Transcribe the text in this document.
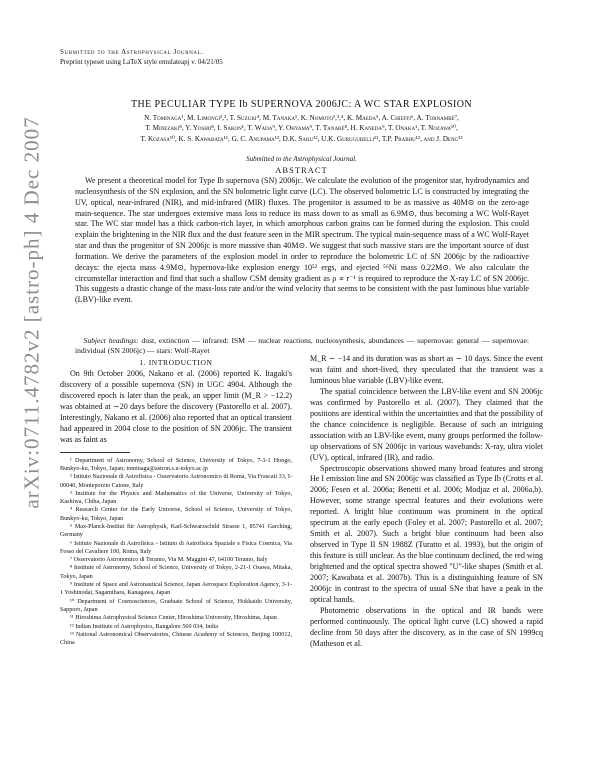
arXiv:0711.4782v2 [astro-ph] 4 Dec 2007
Submitted to the Astrophysical Journal.
Preprint typeset using LaTeX style emulateapj v. 04/21/05
THE PECULIAR TYPE Ib SUPERNOVA 2006JC: A WC STAR EXPLOSION
N. Tominaga¹, M. Limongi²,³, T. Suzuki⁴, M. Tanaka¹, K. Nomoto¹,³,⁴, K. Maeda⁵, A. Chieffi⁶, A. Tornambé⁷,
T. Minezaki⁸, Y. Yoshii⁸, I. Sakon¹, T. Wada⁹, Y. Ohyama⁹, T. Tanabé⁸, H. Kaneda⁹, T. Onaka¹, T. Nozawa¹⁰,
T. Kozasa¹⁰, K. S. Kawabata¹¹, G. C. Anupama¹², D.K. Sahu¹², U.K. Gurugubelli¹², T.P. Prabhu¹², and J. Deng¹³
Submitted to the Astrophysical Journal.
ABSTRACT

We present a theoretical model for Type Ib supernova (SN) 2006jc. We calculate the evolution of the progenitor star, hydrodynamics and nucleosynthesis of the SN explosion, and the SN bolometric light curve (LC). The observed bolometric LC is constructed by integrating the UV, optical, near-infrared (NIR), and mid-infrared (MIR) fluxes. The progenitor is assumed to be as massive as 40M⊙ on the zero-age main-sequence. The star undergoes extensive mass loss to reduce its mass down to as small as 6.9M⊙, thus becoming a WC Wolf-Rayet star. The WC star model has a thick carbon-rich layer, in which amorphous carbon grains can be formed during the explosion. This could explain the brightening in the NIR flux and the dust feature seen in the MIR spectrum. The typical main-sequence mass of a WC Wolf-Rayet star and thus the progenitor of SN 2006jc is more massive than 40M⊙. We suggest that such massive stars are the important source of dust formation. We derive the parameters of the explosion model in order to reproduce the bolometric LC of SN 2006jc by the radioactive decays: the ejecta mass 4.9M⊙, hypernova-like explosion energy 10⁵² ergs, and ejected ⁵⁶Ni mass 0.22M⊙. We also calculate the circumstellar interaction and find that such a shallow CSM density gradient as ρ ∝ r⁻¹ is required to reproduce the X-ray LC of SN 2006jc. This suggests a drastic change of the mass-loss rate and/or the wind velocity that seems to be consistent with the past luminous blue variable (LBV)-like event.

Subject headings: dust, extinction — infrared: ISM — nuclear reactions, nucleosynthesis, abundances — supernovae: general — supernovae: individual (SN 2006jc) — stars: Wolf-Rayet

1. INTRODUCTION

On 9th October 2006, Nakano et al. (2006) reported K. Itagaki's discovery of a possible supernova (SN) in UGC 4904. Although the discovered epoch is later than the peak, an upper limit (M_R > −12.2) was obtained at ∼20 days before the discovery (Pastorello et al. 2007). Interestingly, Nakano et al. (2006) also reported that an optical transient had appeared in 2004 close to the position of SN 2006jc. The transient was as faint as

¹ Department of Astronomy, School of Science, University of Tokyo, 7-3-1 Hongo, Bunkyo-ku, Tokyo, Japan; tominaga@astron.s.u-tokyo.ac.jp

² Istituto Nazionale di Astrofisica - Osservatorio Astronomico di Roma, Via Frascati 33, I-00040, Monteporzio Catone, Italy

³ Institute for the Physics and Mathematics of the Universe, University of Tokyo, Kashiwa, Chiba, Japan

⁴ Research Center for the Early Universe, School of Science, University of Tokyo, Bunkyo-ku, Tokyo, Japan

⁵ Max-Planck-Institut für Astrophysik, Karl-Schwarzschild Strasse 1, 85741 Garching, Germany

⁶ Istituto Nazionale di Astrofisica - Istituto di Astrofisica Spaziale e Fisica Cosmica, Via Fosso del Cavaliere 100, Roma, Italy

⁷ Osservatorio Astronomico di Teramo, Via M. Maggini 47, 64100 Teramo, Italy

⁸ Institute of Astronomy, School of Science, University of Tokyo, 2-21-1 Osawa, Mitaka, Tokyo, Japan

⁹ Institute of Space and Astronautical Science, Japan Aerospace Exploration Agency, 3-1-1 Yoshinodai, Sagamihara, Kanagawa, Japan

¹⁰ Department of Cosmosciences, Graduate School of Science, Hokkaido University, Sapporo, Japan

¹¹ Hiroshima Astrophysical Science Center, Hiroshima University, Hiroshima, Japan

¹² Indian Institute of Astrophysics, Bangalore 560 034, India

¹³ National Astronomical Observatories, Chinese Academy of Sciences, Beijing 100012, China

M_R ∼ −14 and its duration was as short as ∼ 10 days. Since the event was faint and short-lived, they speculated that the transient was a luminous blue variable (LBV)-like event.

The spatial coincidence between the LBV-like event and SN 2006jc was confirmed by Pastorello et al. (2007). They claimed that the positions are identical within the uncertainties and that the possibility of the chance coincidence is negligible. Because of such an intriguing association with an LBV-like event, many groups performed the follow-up observations of SN 2006jc in various wavebands: X-ray, ultra violet (UV), optical, infrared (IR), and radio.

Spectroscopic observations showed many broad features and strong He I emission line and SN 2006jc was classified as Type Ib (Crotts et al. 2006; Fesen et al. 2006a; Benetti et al. 2006; Modjaz et al. 2006a,b). However, some strange spectral features and their evolutions were reported. A bright blue continuum was prominent in the optical spectrum at the early epoch (Foley et al. 2007; Pastorello et al. 2007; Smith et al. 2007). Such a bright blue continuum had been also observed in Type II SN 1988Z (Turatto et al. 1993), but the origin of this feature is still unclear. As the blue continuum declined, the red wing brightened and the optical spectra showed "U"-like shapes (Smith et al. 2007; Kawabata et al. 2007b). This is a distinguishing feature of SN 2006jc in contrast to the spectra of usual SNe that have a peak in the optical bands.

Photometric observations in the optical and IR bands were performed continuously. The optical light curve (LC) showed a rapid decline from 50 days after the discovery, as in the case of SN 1999cq (Matheson et al.
